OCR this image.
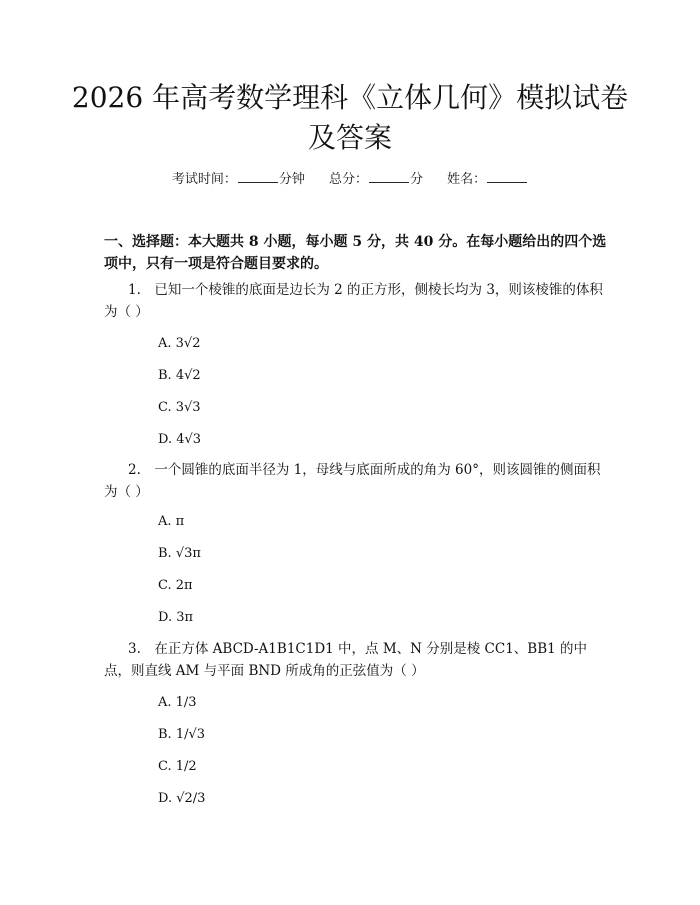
2026 年高考数学理科《立体几何》模拟试卷及答案
考试时间：	分钟 总分：	分 姓名：

一、选择题：本大题共 8 小题，每小题 5 分，共 40 分。在每小题给出的四个选项中，只有一项是符合题目要求的。

1.　已知一个棱锥的底面是边长为 2 的正方形，侧棱长均为 3，则该棱锥的体积为（ ）

A. 3√2
B. 4√2
C. 3√3
D. 4√3

2.　一个圆锥的底面半径为 1，母线与底面所成的角为 60°，则该圆锥的侧面积为（ ）

A. π
B. √3π
C. 2π
D. 3π

3.　在正方体 ABCD-A1B1C1D1 中，点 M、N 分别是棱 CC1、BB1 的中点，则直线 AM 与平面 BND 所成角的正弦值为（ ）

A. 1/3
B. 1/√3
C. 1/2
D. √2/3
